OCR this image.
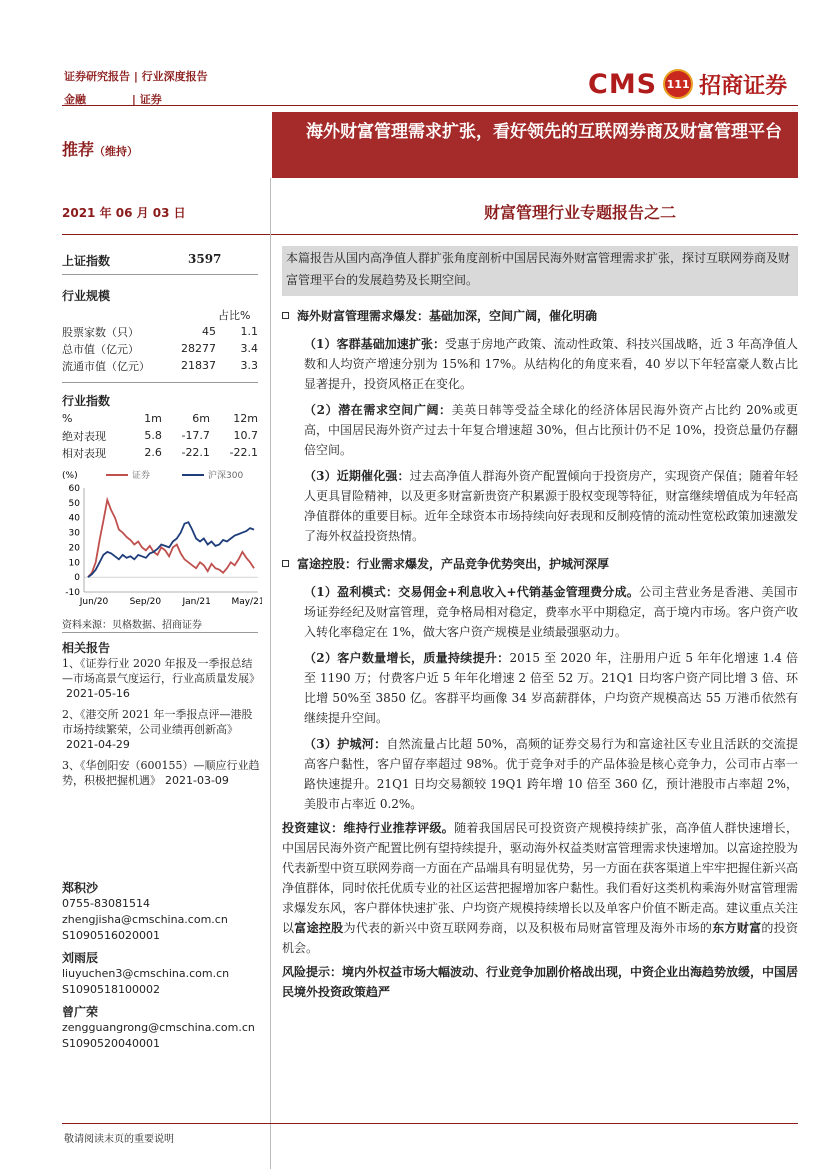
证券研究报告 | 行业深度报告
金融	| 证券	CMS 111 招商证券
推荐（维持）
海外财富管理需求扩张，看好领先的互联网券商及财富管理平台
2021 年 06 月 03 日	财富管理行业专题报告之二
上证指数	3597
行业规模
占比%
股票家数（只）	45	1.1
总市值（亿元）	28277	3.4
流通市值（亿元）	21837	3.3
行业指数
%	1m	6m	12m
绝对表现	5.8	-17.7	10.7
相对表现	2.6	-22.1	-22.1
(%)	证券	沪深300
60
50
40
30
20
10
0
-10
Jun/20 Sep/20 Jan/21 May/21
资料来源：贝格数据、招商证券
相关报告
1、《证券行业 2020 年报及一季报总结—市场高景气度运行，行业高质量发展》2021-05-16
2、《港交所 2021 年一季报点评—港股市场持续繁荣，公司业绩再创新高》2021-04-29
3、《华创阳安（600155）—顺应行业趋势，积极把握机遇》 2021-03-09
郑积沙
0755-83081514
zhengjisha@cmschina.com.cn
S1090516020001
刘雨辰
liuyuchen3@cmschina.com.cn
S1090518100002
曾广荣
zengguangrong@cmschina.com.cn
S1090520040001
本篇报告从国内高净值人群扩张角度剖析中国居民海外财富管理需求扩张，探讨互联网券商及财富管理平台的发展趋势及长期空间。
海外财富管理需求爆发：基础加深，空间广阔，催化明确
（1）客群基础加速扩张：受惠于房地产政策、流动性政策、科技兴国战略，近 3 年高净值人数和人均资产增速分别为 15%和 17%。从结构化的角度来看，40 岁以下年轻富豪人数占比显著提升，投资风格正在变化。
（2）潜在需求空间广阔：美英日韩等受益全球化的经济体居民海外资产占比约 20%或更高，中国居民海外资产过去十年复合增速超 30%，但占比预计仍不足 10%，投资总量仍存翻倍空间。
（3）近期催化强：过去高净值人群海外资产配置倾向于投资房产，实现资产保值；随着年轻人更具冒险精神，以及更多财富新贵资产积累源于股权变现等特征，财富继续增值成为年轻高净值群体的重要目标。近年全球资本市场持续向好表现和反制疫情的流动性宽松政策加速激发了海外权益投资热情。
富途控股：行业需求爆发，产品竞争优势突出，护城河深厚
（1）盈利模式：交易佣金+利息收入+代销基金管理费分成。公司主营业务是香港、美国市场证券经纪及财富管理，竞争格局相对稳定，费率水平中期稳定，高于境内市场。客户资产收入转化率稳定在 1%，做大客户资产规模是业绩最强驱动力。
（2）客户数量增长，质量持续提升：2015 至 2020 年，注册用户近 5 年年化增速 1.4 倍至 1190 万；付费客户近 5 年年化增速 2 倍至 52 万。21Q1 日均客户资产同比增 3 倍、环比增 50%至 3850 亿。客群平均画像 34 岁高薪群体，户均资产规模高达 55 万港币依然有继续提升空间。
（3）护城河：自然流量占比超 50%，高频的证券交易行为和富途社区专业且活跃的交流提高客户黏性，客户留存率超过 98%。优于竞争对手的产品体验是核心竞争力，公司市占率一路快速提升。21Q1 日均交易额较 19Q1 跨年增 10 倍至 360 亿，预计港股市占率超 2%，美股市占率近 0.2%。
投资建议：维持行业推荐评级。随着我国居民可投资资产规模持续扩张，高净值人群快速增长，中国居民海外资产配置比例有望持续提升，驱动海外权益类财富管理需求快速增加。以富途控股为代表新型中资互联网券商一方面在产品端具有明显优势，另一方面在获客渠道上牢牢把握住新兴高净值群体，同时依托优质专业的社区运营把握增加客户黏性。我们看好这类机构乘海外财富管理需求爆发东风，客户群体快速扩张、户均资产规模持续增长以及单客户价值不断走高。建议重点关注以富途控股为代表的新兴中资互联网券商，以及积极布局财富管理及海外市场的东方财富的投资机会。
风险提示：境内外权益市场大幅波动、行业竞争加剧价格战出现，中资企业出海趋势放缓，中国居民境外投资政策趋严
敬请阅读末页的重要说明
